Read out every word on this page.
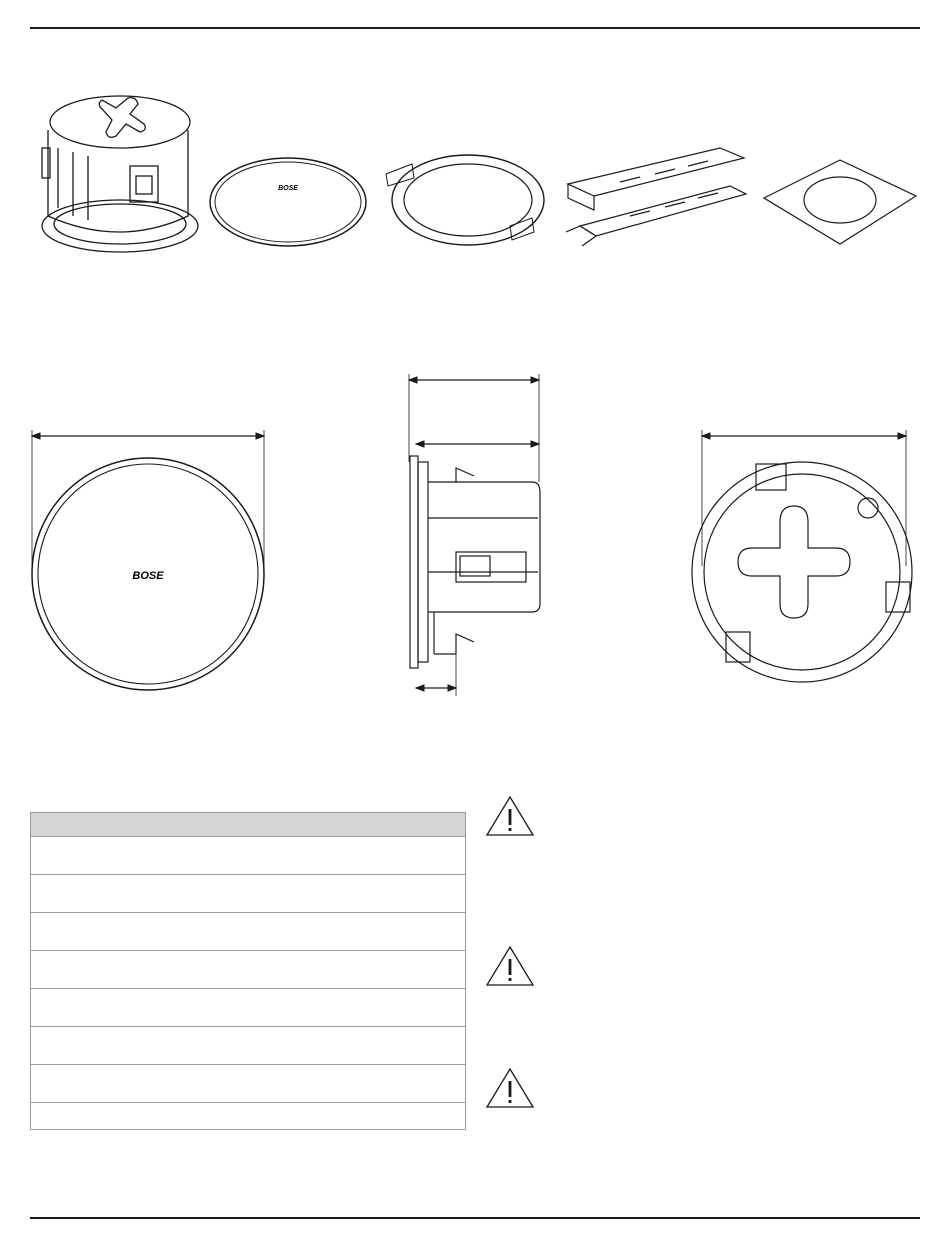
BOSE
BOSE
